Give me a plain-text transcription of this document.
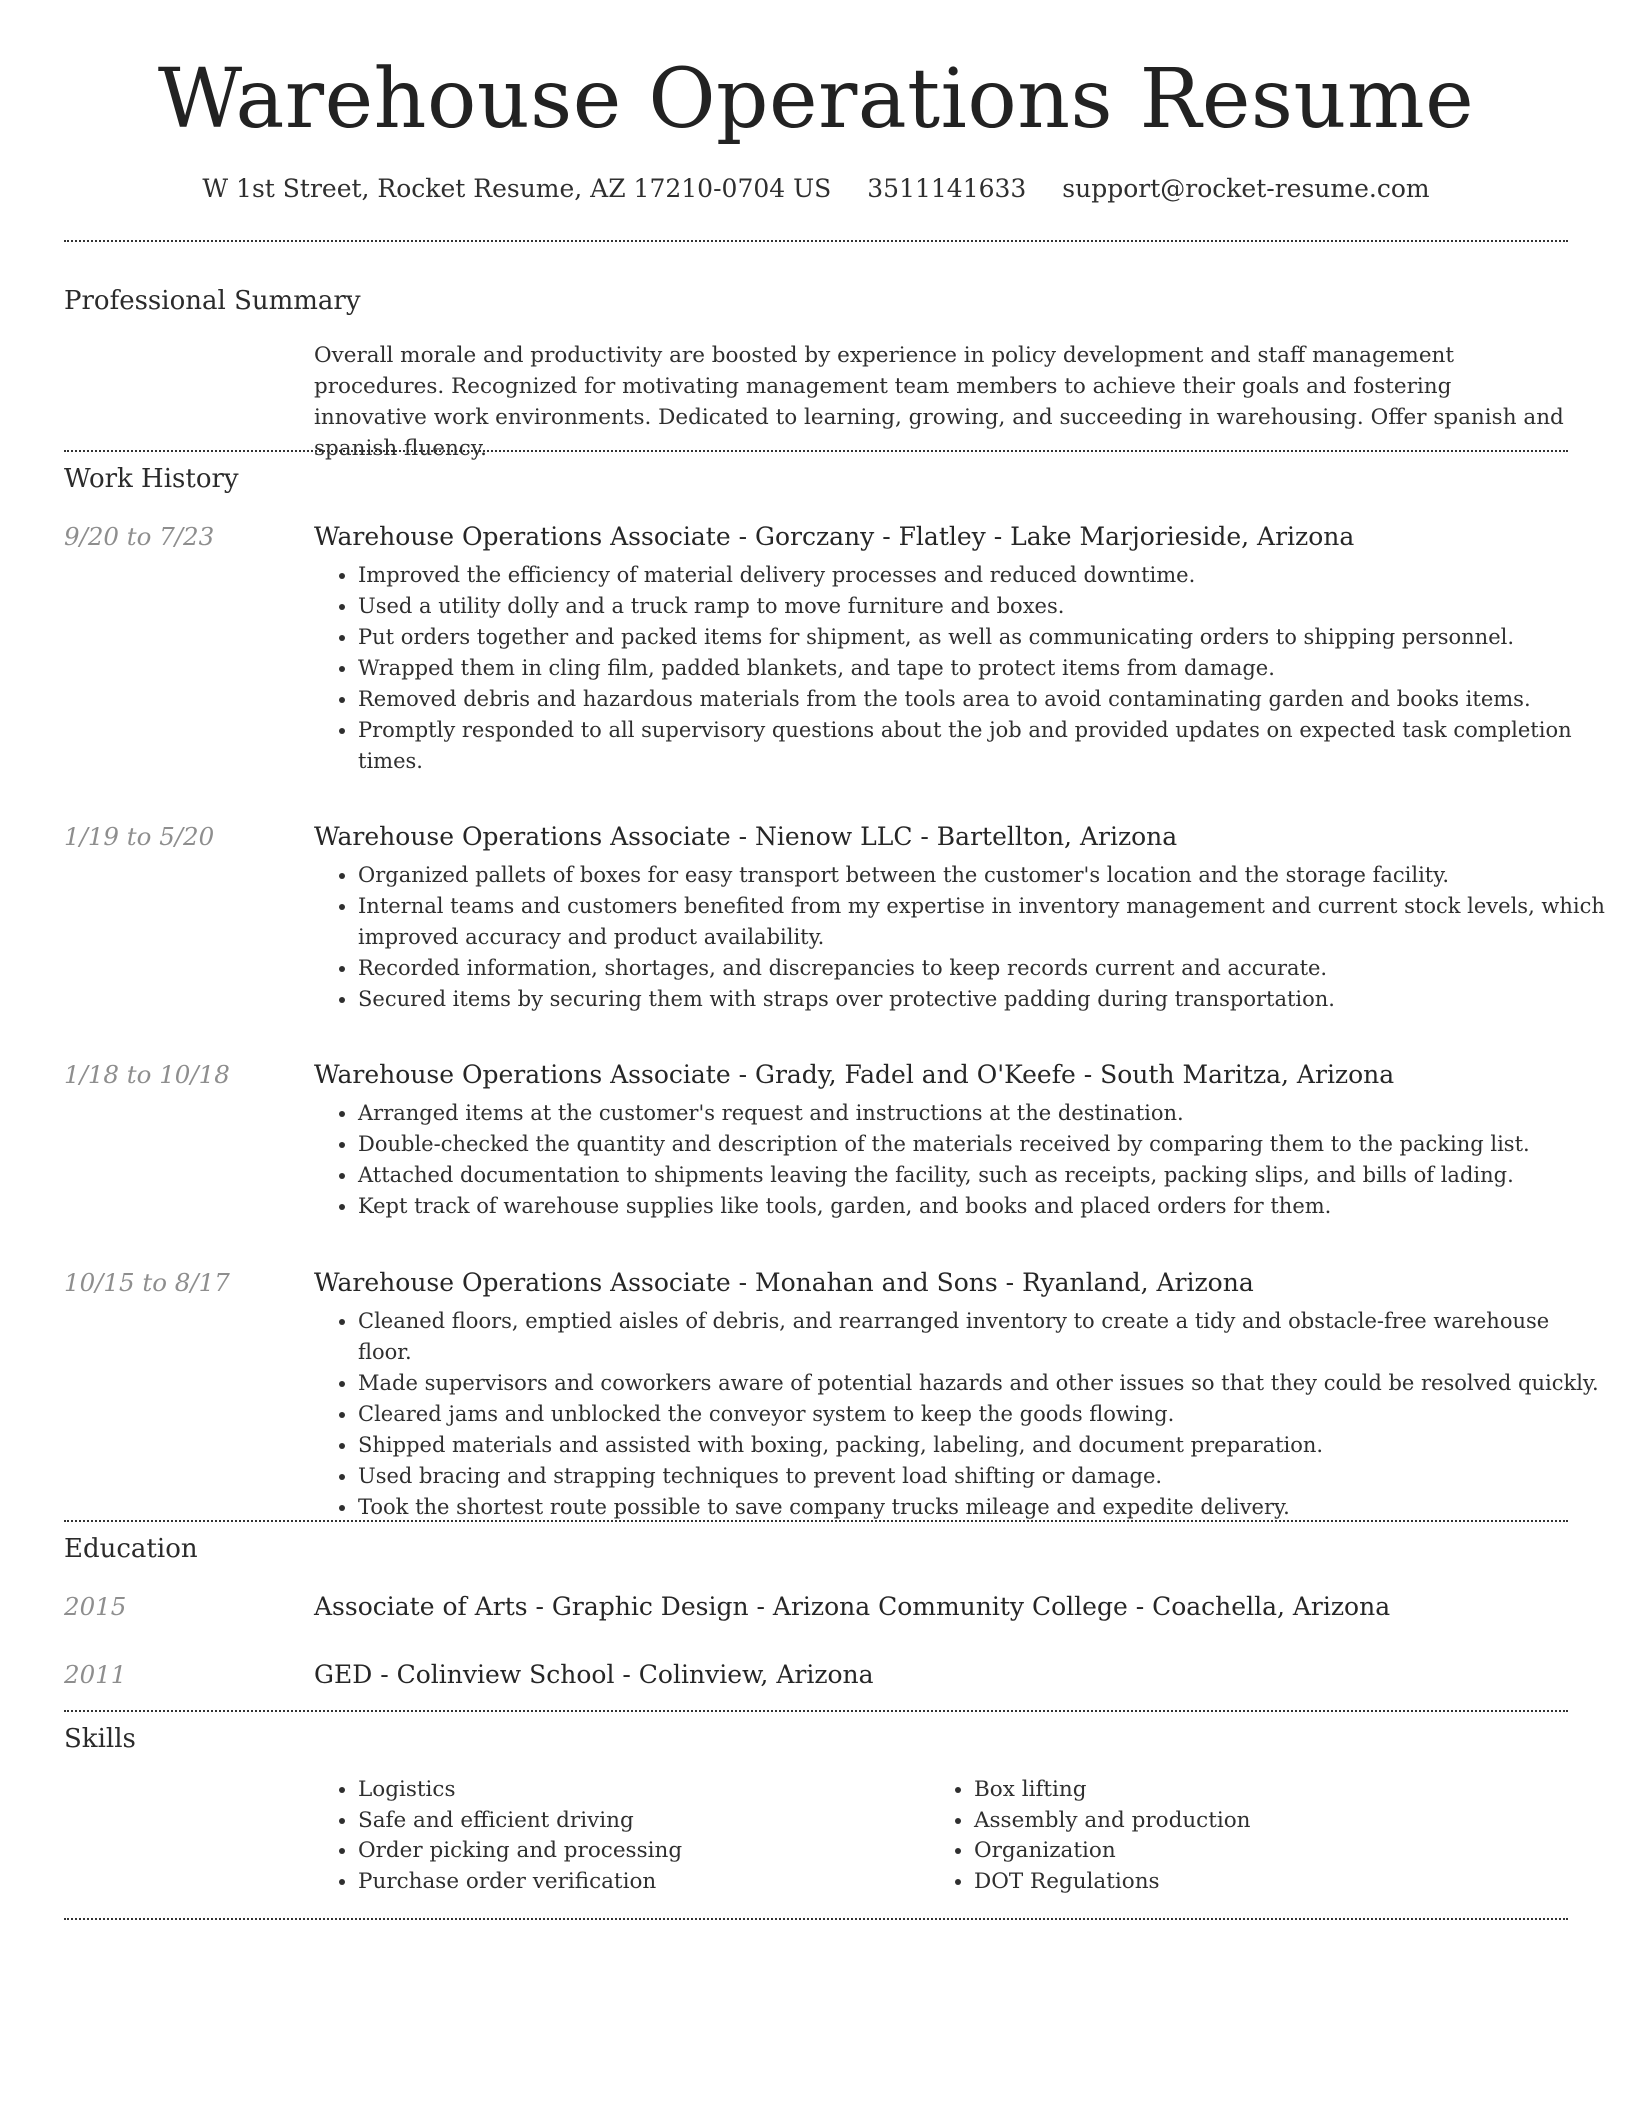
Warehouse Operations Resume
W 1st Street, Rocket Resume, AZ 17210-0704 US 3511141633 support@rocket-resume.com
Professional Summary
Overall morale and productivity are boosted by experience in policy development and staff management procedures. Recognized for motivating management team members to achieve their goals and fostering innovative work environments. Dedicated to learning, growing, and succeeding in warehousing. Offer spanish and spanish fluency.
Work History
9/20 to 7/23	Warehouse Operations Associate - Gorczany - Flatley - Lake Marjorieside, Arizona
• Improved the efficiency of material delivery processes and reduced downtime.
• Used a utility dolly and a truck ramp to move furniture and boxes.
• Put orders together and packed items for shipment, as well as communicating orders to shipping personnel.
• Wrapped them in cling film, padded blankets, and tape to protect items from damage.
• Removed debris and hazardous materials from the tools area to avoid contaminating garden and books items.
• Promptly responded to all supervisory questions about the job and provided updates on expected task completion times.
1/19 to 5/20	Warehouse Operations Associate - Nienow LLC - Bartellton, Arizona
• Organized pallets of boxes for easy transport between the customer's location and the storage facility.
• Internal teams and customers benefited from my expertise in inventory management and current stock levels, which improved accuracy and product availability.
• Recorded information, shortages, and discrepancies to keep records current and accurate.
• Secured items by securing them with straps over protective padding during transportation.
1/18 to 10/18	Warehouse Operations Associate - Grady, Fadel and O'Keefe - South Maritza, Arizona
• Arranged items at the customer's request and instructions at the destination.
• Double-checked the quantity and description of the materials received by comparing them to the packing list.
• Attached documentation to shipments leaving the facility, such as receipts, packing slips, and bills of lading.
• Kept track of warehouse supplies like tools, garden, and books and placed orders for them.
10/15 to 8/17	Warehouse Operations Associate - Monahan and Sons - Ryanland, Arizona
• Cleaned floors, emptied aisles of debris, and rearranged inventory to create a tidy and obstacle-free warehouse floor.
• Made supervisors and coworkers aware of potential hazards and other issues so that they could be resolved quickly.
• Cleared jams and unblocked the conveyor system to keep the goods flowing.
• Shipped materials and assisted with boxing, packing, labeling, and document preparation.
• Used bracing and strapping techniques to prevent load shifting or damage.
• Took the shortest route possible to save company trucks mileage and expedite delivery.
Education
2015	Associate of Arts - Graphic Design - Arizona Community College - Coachella, Arizona
2011	GED - Colinview School - Colinview, Arizona
Skills
• Logistics
• Safe and efficient driving
• Order picking and processing
• Purchase order verification
• Box lifting
• Assembly and production
• Organization
• DOT Regulations
